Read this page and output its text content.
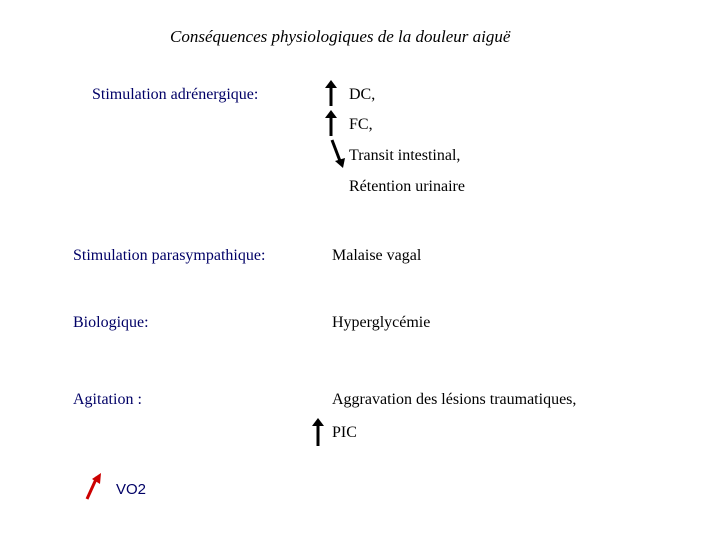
Conséquences physiologiques de la douleur aiguë
Stimulation adrénergique:	DC,
FC,
Transit intestinal,
Rétention urinaire
Stimulation parasympathique:	Malaise vagal
Biologique:	Hyperglycémie
Agitation :	Aggravation des lésions traumatiques,
PIC
VO2
